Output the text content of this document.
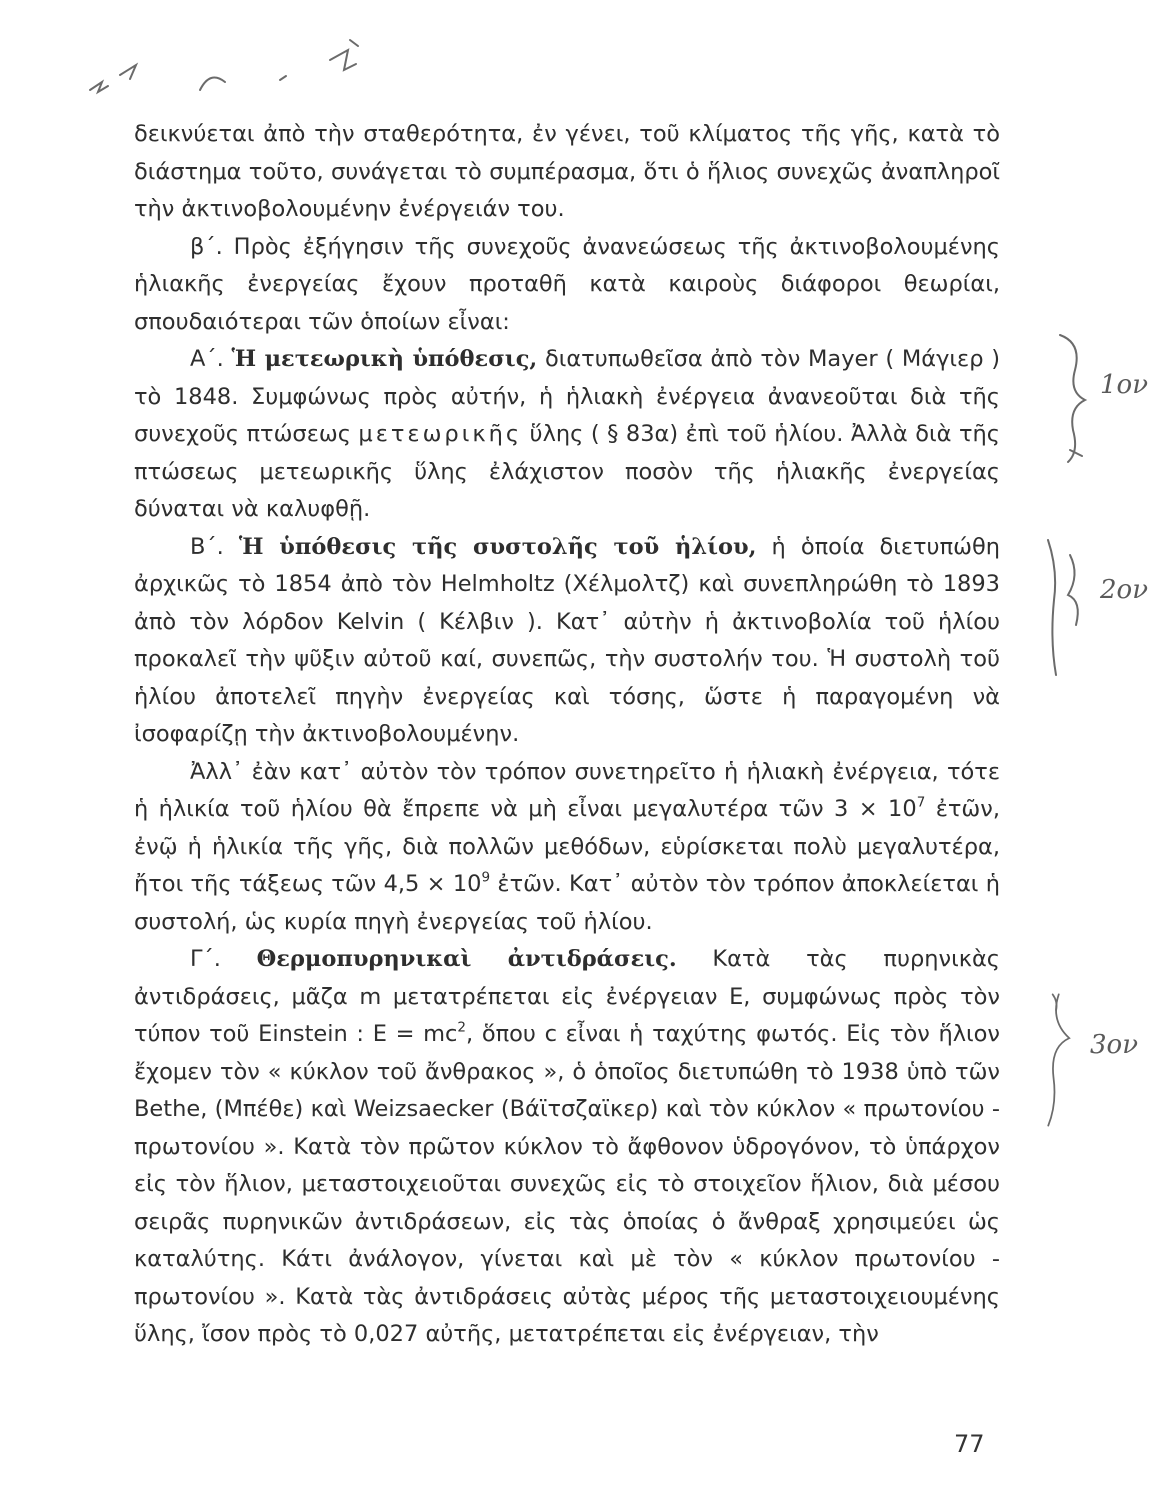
δεικνύεται ἀπὸ τὴν σταθερότητα, ἐν γένει, τοῦ κλίματος τῆς γῆς, κατὰ τὸ διάστημα τοῦτο, συνάγεται τὸ συμπέρασμα, ὅτι ὁ ἥλιος συνεχῶς ἀναπληροῖ τὴν ἀκτινοβολουμένην ἐνέργειάν του.

β΄. Πρὸς ἐξήγησιν τῆς συνεχοῦς ἀνανεώσεως τῆς ἀκτινοβολουμένης ἡλιακῆς ἐνεργείας ἔχουν προταθῆ κατὰ καιροὺς διάφοροι θεωρίαι, σπουδαιότεραι τῶν ὁποίων εἶναι:

Α΄. Ἡ μετεωρικὴ ὑπόθεσις, διατυπωθεῖσα ἀπὸ τὸν Mayer ( Μάγιερ ) τὸ 1848. Συμφώνως πρὸς αὐτήν, ἡ ἡλιακὴ ἐνέργεια ἀνανεοῦται διὰ τῆς συνεχοῦς πτώσεως μετεωρικῆς ὕλης ( § 83α) ἐπὶ τοῦ ἡλίου. Ἀλλὰ διὰ τῆς πτώσεως μετεωρικῆς ὕλης ἐλάχιστον ποσὸν τῆς ἡλιακῆς ἐνεργείας δύναται νὰ καλυφθῇ.

Β΄. Ἡ ὑπόθεσις τῆς συστολῆς τοῦ ἡλίου, ἡ ὁποία διετυπώθη ἀρχικῶς τὸ 1854 ἀπὸ τὸν Helmholtz (Χέλμολτζ) καὶ συνεπληρώθη τὸ 1893 ἀπὸ τὸν λόρδον Kelvin ( Κέλβιν ). Κατ᾽ αὐτὴν ἡ ἀκτινοβολία τοῦ ἡλίου προκαλεῖ τὴν ψῦξιν αὐτοῦ καί, συνεπῶς, τὴν συστολήν του. Ἡ συστολὴ τοῦ ἡλίου ἀποτελεῖ πηγὴν ἐνεργείας καὶ τόσης, ὥστε ἡ παραγομένη νὰ ἰσοφαρίζῃ τὴν ἀκτινοβολουμένην.

Ἀλλ᾽ ἐὰν κατ᾽ αὐτὸν τὸν τρόπον συνετηρεῖτο ἡ ἡλιακὴ ἐνέργεια, τότε ἡ ἡλικία τοῦ ἡλίου θὰ ἔπρεπε νὰ μὴ εἶναι μεγαλυτέρα τῶν $3 \times 10^7$ ἐτῶν, ἐνῷ ἡ ἡλικία τῆς γῆς, διὰ πολλῶν μεθόδων, εὑρίσκεται πολὺ μεγαλυτέρα, ἤτοι τῆς τάξεως τῶν $4,5 \times 10^9$ ἐτῶν. Κατ᾽ αὐτὸν τὸν τρόπον ἀποκλείεται ἡ συστολή, ὡς κυρία πηγὴ ἐνεργείας τοῦ ἡλίου.

Γ΄. Θερμοπυρηνικαὶ ἀντιδράσεις. Κατὰ τὰς πυρηνικὰς ἀντιδράσεις, μᾶζα m μετατρέπεται εἰς ἐνέργειαν E, συμφώνως πρὸς τὸν τύπον τοῦ Einstein : $E = mc^2$, ὅπου c εἶναι ἡ ταχύτης φωτός. Εἰς τὸν ἥλιον ἔχομεν τὸν « κύκλον τοῦ ἄνθρακος », ὁ ὁποῖος διετυπώθη τὸ 1938 ὑπὸ τῶν Bethe, (Μπέθε) καὶ Weizsaecker (Βάϊτσζαϊκερ) καὶ τὸν κύκλον « πρωτονίου - πρωτονίου ». Κατὰ τὸν πρῶτον κύκλον τὸ ἄφθονον ὑδρογόνον, τὸ ὑπάρχον εἰς τὸν ἥλιον, μεταστοιχειοῦται συνεχῶς εἰς τὸ στοιχεῖον ἥλιον, διὰ μέσου σειρᾶς πυρηνικῶν ἀντιδράσεων, εἰς τὰς ὁποίας ὁ ἄνθραξ χρησιμεύει ὡς καταλύτης. Κάτι ἀνάλογον, γίνεται καὶ μὲ τὸν « κύκλον πρωτονίου - πρωτονίου ». Κατὰ τὰς ἀντιδράσεις αὐτὰς μέρος τῆς μεταστοιχειουμένης ὕλης, ἴσον πρὸς τὸ 0,027 αὐτῆς, μετατρέπεται εἰς ἐνέργειαν, τὴν

77
1ον
2ον
3ον
